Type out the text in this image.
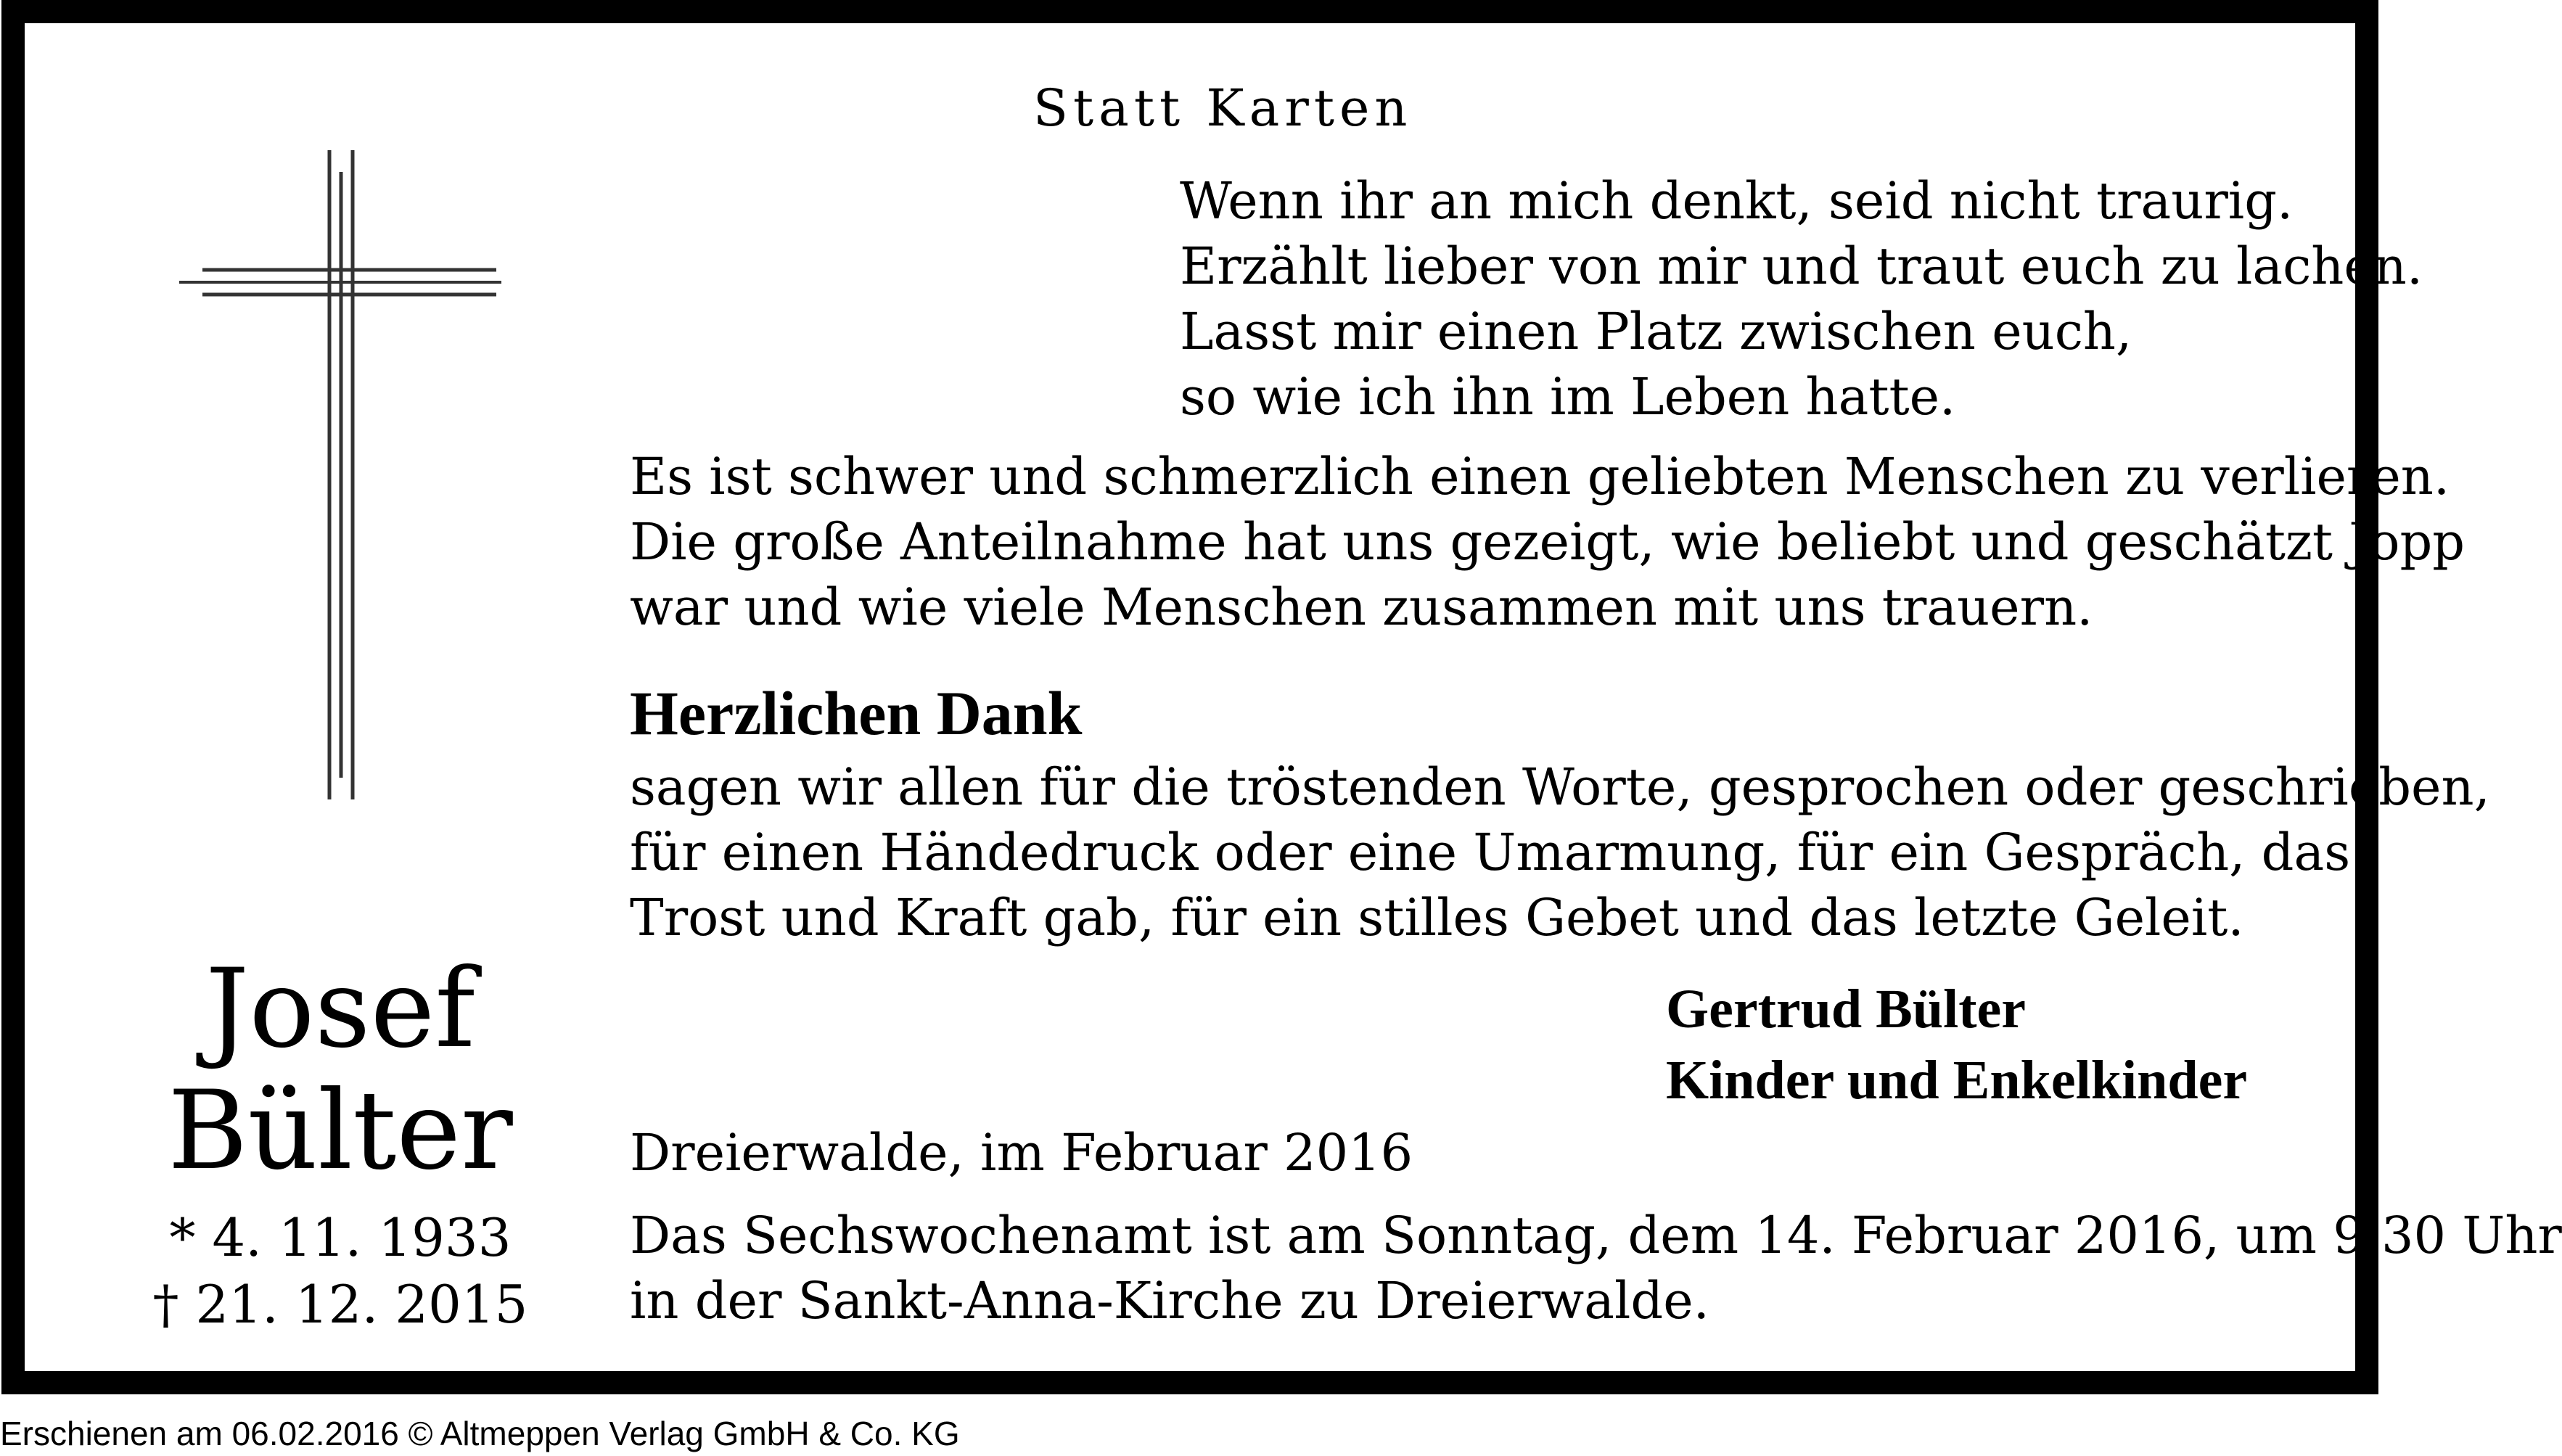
Statt Karten
Wenn ihr an mich denkt, seid nicht traurig.
Erzählt lieber von mir und traut euch zu lachen.
Lasst mir einen Platz zwischen euch,
so wie ich ihn im Leben hatte.
Es ist schwer und schmerzlich einen geliebten Menschen zu verlieren.
Die große Anteilnahme hat uns gezeigt, wie beliebt und geschätzt Jopp
war und wie viele Menschen zusammen mit uns trauern.
Herzlichen Dank
sagen wir allen für die tröstenden Worte, gesprochen oder geschrieben,
für einen Händedruck oder eine Umarmung, für ein Gespräch, das
Trost und Kraft gab, für ein stilles Gebet und das letzte Geleit.
Gertrud Bülter
Kinder und Enkelkinder
Dreierwalde, im Februar 2016
Das Sechswochenamt ist am Sonntag, dem 14. Februar 2016, um 9.30 Uhr
in der Sankt-Anna-Kirche zu Dreierwalde.
Josef
Bülter
* 4. 11. 1933
† 21. 12. 2015
Erschienen am 06.02.2016 © Altmeppen Verlag GmbH & Co. KG
